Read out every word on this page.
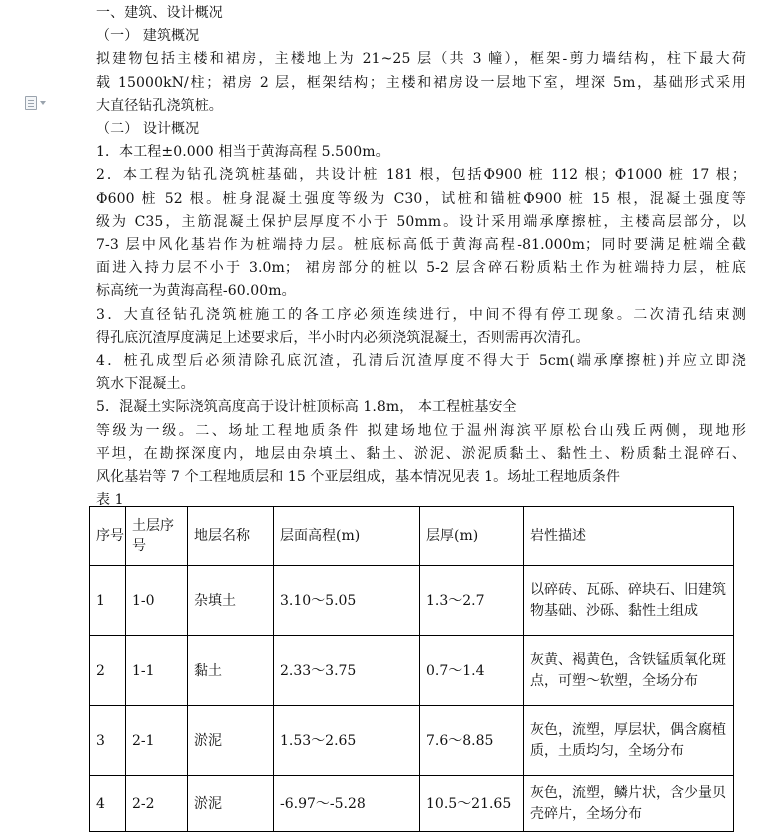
一、建筑、设计概况

（一） 建筑概况

拟建物包括主楼和裙房，主楼地上为 21~25 层（共 3 幢），框架-剪力墙结构，柱下最大荷

载 15000kN/柱；裙房 2 层，框架结构；主楼和裙房设一层地下室，埋深 5m，基础形式采用

大直径钻孔浇筑桩。

（二） 设计概况

1．本工程±0.000 相当于黄海高程 5.500m。

2．本工程为钻孔浇筑桩基础，共设计桩 181 根，包括Φ900 桩 112 根；Φ1000 桩 17 根；

Φ600 桩 52 根。桩身混凝土强度等级为 C30，试桩和锚桩Φ900 桩 15 根，混凝土强度等

级为 C35，主筋混凝土保护层厚度不小于 50mm。设计采用端承摩擦桩，主楼高层部分，以

7-3 层中风化基岩作为桩端持力层。桩底标高低于黄海高程-81.000m；同时要满足桩端全截

面进入持力层不小于 3.0m； 裙房部分的桩以 5-2 层含碎石粉质粘土作为桩端持力层，桩底

标高统一为黄海高程-60.00m。

3．大直径钻孔浇筑桩施工的各工序必须连续进行，中间不得有停工现象。二次清孔结束测

得孔底沉渣厚度满足上述要求后，半小时内必须浇筑混凝土，否则需再次清孔。

4．桩孔成型后必须清除孔底沉渣，孔清后沉渣厚度不得大于 5cm(端承摩擦桩)并应立即浇

筑水下混凝土。

5．混凝土实际浇筑高度高于设计桩顶标高 1.8m， 本工程桩基安全

等级为一级。二、场址工程地质条件 拟建场地位于温州海滨平原松台山残丘两侧，现地形

平坦，在勘探深度内，地层由杂填土、黏土、淤泥、淤泥质黏土、黏性土、粉质黏土混碎石、

风化基岩等 7 个工程地质层和 15 个亚层组成，基本情况见表 1。场址工程地质条件

表 1

序号	土层序号	地层名称	层面高程(m)	层厚(m)	岩性描述
1	1-0	杂填土	3.10～5.05	1.3～2.7	以碎砖、瓦砾、碎块石、旧建筑物基础、沙砾、黏性土组成
2	1-1	黏土	2.33～3.75	0.7～1.4	灰黄、褐黄色，含铁锰质氧化斑点，可塑～软塑，全场分布
3	2-1	淤泥	1.53～2.65	7.6～8.85	灰色，流塑，厚层状，偶含腐植质，土质均匀，全场分布
4	2-2	淤泥	-6.97～-5.28	10.5～21.65	灰色，流塑，鳞片状，含少量贝壳碎片，全场分布
